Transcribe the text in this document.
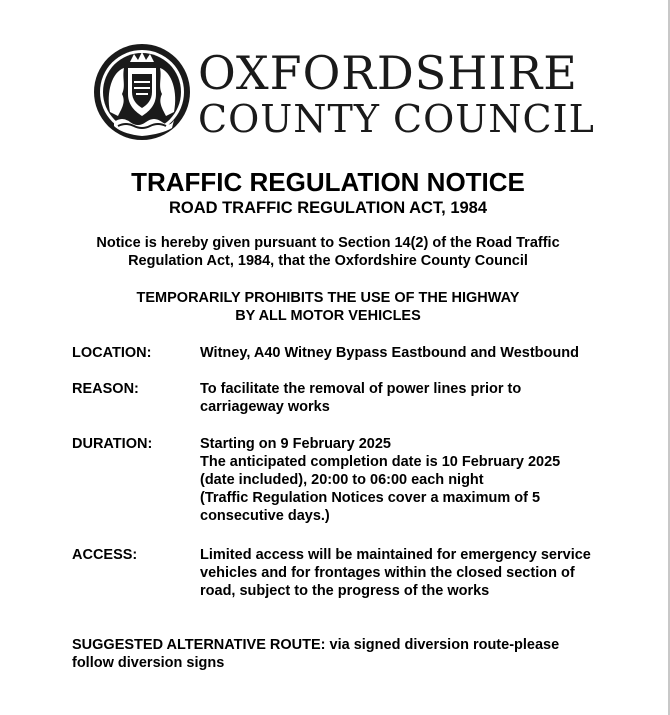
OXFORDSHIRE
COUNTY COUNCIL
TRAFFIC REGULATION NOTICE
ROAD TRAFFIC REGULATION ACT, 1984
Notice is hereby given pursuant to Section 14(2) of the Road Traffic
Regulation Act, 1984, that the Oxfordshire County Council
TEMPORARILY PROHIBITS THE USE OF THE HIGHWAY
BY ALL MOTOR VEHICLES
LOCATION:	Witney, A40 Witney Bypass Eastbound and Westbound
REASON:	To facilitate the removal of power lines prior to
carriageway works
DURATION:	Starting on 9 February 2025
The anticipated completion date is 10 February 2025
(date included), 20:00 to 06:00 each night
(Traffic Regulation Notices cover a maximum of 5
consecutive days.)
ACCESS:	Limited access will be maintained for emergency service
vehicles and for frontages within the closed section of
road, subject to the progress of the works
SUGGESTED ALTERNATIVE ROUTE: via signed diversion route-please
follow diversion signs
